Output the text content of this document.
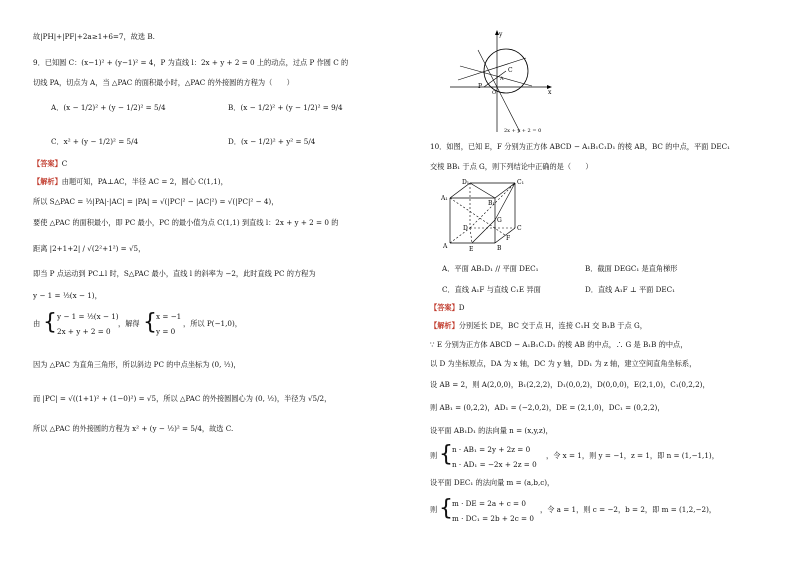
故|PH|+|PF|+2a≥1+6=7，故选 B.
9．已知圆 C：(x−1)² + (y−1)² = 4，P 为直线 l：2x + y + 2 = 0 上的动点，过点 P 作圆 C 的
切线 PA，切点为 A，当 △PAC 的面积最小时，△PAC 的外接圆的方程为（　　）
A．(x − 1/2)² + (y − 1/2)² = 5/4	B．(x − 1/2)² + (y − 1/2)² = 9/4
C．x² + (y − 1/2)² = 5/4	D．(x − 1/2)² + y² = 5/4
【答案】C
【解析】由题可知，PA⊥AC，半径 AC = 2，圆心 C(1,1)，
所以 S△PAC = ½|PA|·|AC| = |PA| = √(|PC|² − |AC|²) = √(|PC|² − 4)，
要使 △PAC 的面积最小，即 PC 最小，PC 的最小值为点 C(1,1) 到直线 l：2x + y + 2 = 0 的
距离 |2+1+2| / √(2²+1²) = √5，
即当 P 点运动到 PC⊥l 时，S△PAC 最小，直线 l 的斜率为 −2，此时直线 PC 的方程为
y − 1 = ½(x − 1)，
由 { y − 1 = ½(x − 1)
2x + y + 2 = 0
，解得 { x = −1
y = 0
，所以 P(−1,0)，
因为 △PAC 为直角三角形，所以斜边 PC 的中点坐标为 (0, ½)，
而 |PC| = √((1+1)² + (1−0)²) = √5，所以 △PAC 的外接圆圆心为 (0, ½)，半径为 √5/2，
所以 △PAC 的外接圆的方程为 x² + (y − ½)² = 5/4，故选 C.
y
x
O
C
A
P
2x + y + 2 = 0
10．如图，已知 E，F 分别为正方体 ABCD − A₁B₁C₁D₁ 的棱 AB，BC 的中点，平面 DEC₁
交棱 BB₁ 于点 G，则下列结论中正确的是（　　）
A．平面 AB₁D₁ // 平面 DEC₁	B．截面 DEGC₁ 是直角梯形
C．直线 A₁F 与直线 C₁E 异面	D．直线 A₁F ⊥ 平面 DEC₁
【答案】D
【解析】分别延长 DE，BC 交于点 H，连接 C₁H 交 B₁B 于点 G，
∵ E 分别为正方体 ABCD − A₁B₁C₁D₁ 的棱 AB 的中点，∴ G 是 B₁B 的中点，
以 D 为坐标原点，DA 为 x 轴，DC 为 y 轴，DD₁ 为 z 轴，建立空间直角坐标系，
设 AB = 2，则 A(2,0,0)，B₁(2,2,2)，D₁(0,0,2)，D(0,0,0)，E(2,1,0)，C₁(0,2,2)，
则 AB₁ = (0,2,2)，AD₁ = (−2,0,2)，DE = (2,1,0)，DC₁ = (0,2,2)，
设平面 AB₁D₁ 的法向量 n = (x,y,z)，
则 { n · AB₁ = 2y + 2z = 0
n · AD₁ = −2x + 2z = 0
，令 x = 1，则 y = −1，z = 1，即 n = (1,−1,1)，
设平面 DEC₁ 的法向量 m = (a,b,c)，
则 { m · DE = 2a + c = 0
m · DC₁ = 2b + 2c = 0
，令 a = 1，则 c = −2，b = 2，即 m = (1,2,−2)，
D₁	C₁
A₁
B₁
D	C
A	B
E
F
G
